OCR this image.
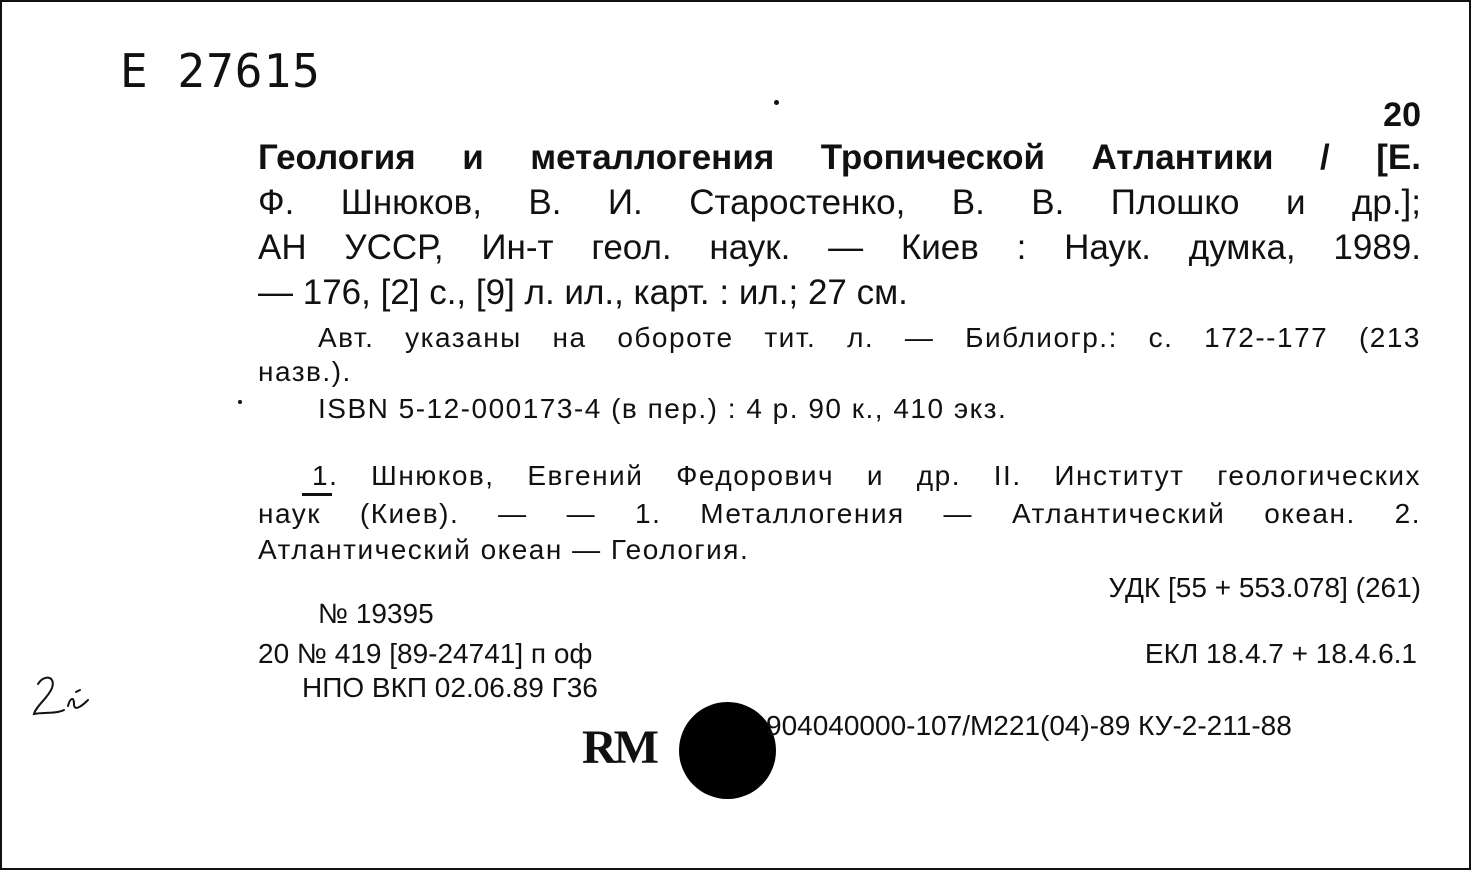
E 27615
20
Геология и металлогения Тропической Атлантики / [Е.
Ф. Шнюков, В. И. Старостенко, В. В. Плошко и др.];
АН УССР, Ин-т геол. наук. — Киев : Наук. думка, 1989.
— 176, [2] с., [9] л. ил., карт. : ил.; 27 см.
Авт. указаны на обороте тит. л. — Библиогр.: с. 172--177 (213
назв.).
ISBN 5-12-000173-4 (в пер.) : 4 р. 90 к., 410 экз.
1. Шнюков, Евгений Федорович и др. II. Институт геологических
наук (Киев). — — 1. Металлогения — Атлантический океан. 2.
Атлантический океан — Геология.
УДК [55 + 553.078] (261)
№ 19395
20 № 419 [89-24741] п оф	ЕКЛ 18.4.7 + 18.4.6.1
НПО ВКП 02.06.89 Г36
RM	904040000-107/M221(04)-89 КУ-2-211-88
